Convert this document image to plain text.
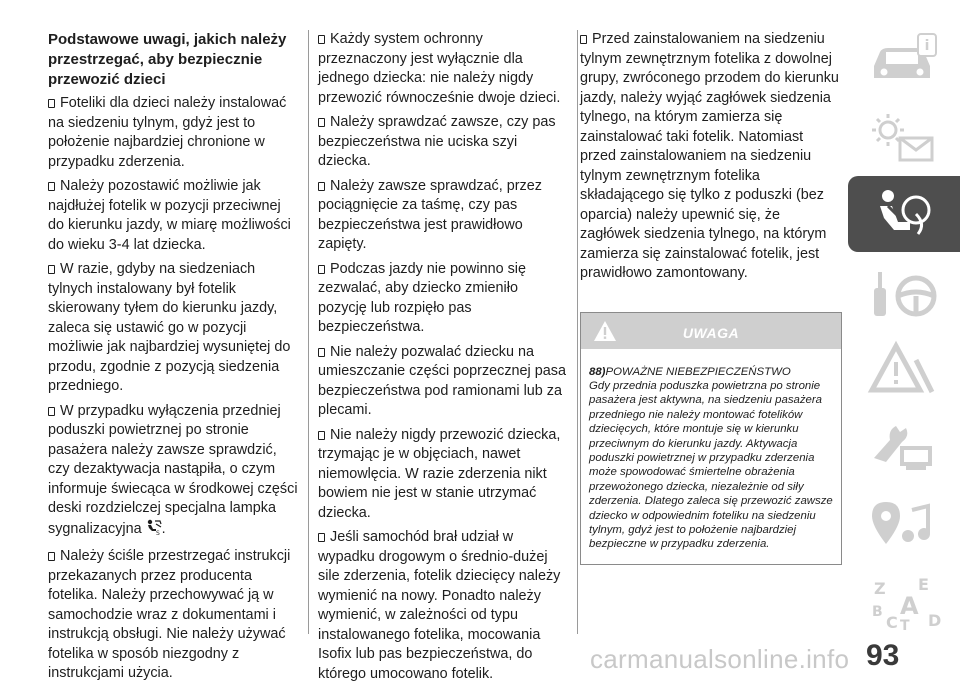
Podstawowe uwagi, jakich należy przestrzegać, aby bezpiecznie przewozić dzieci
Foteliki dla dzieci należy instalować na siedzeniu tylnym, gdyż jest to położenie najbardziej chronione w przypadku zderzenia.
Należy pozostawić możliwie jak najdłużej fotelik w pozycji przeciwnej do kierunku jazdy, w miarę możliwości do wieku 3-4 lat dziecka.
W razie, gdyby na siedzeniach tylnych instalowany był fotelik skierowany tyłem do kierunku jazdy, zaleca się ustawić go w pozycji możliwie jak najbardziej wysuniętej do przodu, zgodnie z pozycją siedzenia przedniego.
W przypadku wyłączenia przedniej poduszki powietrznej po stronie pasażera należy zawsze sprawdzić, czy dezaktywacja nastąpiła, o czym informuje świecąca w środkowej części deski rozdzielczej specjalna lampka sygnalizacyjna S .
Należy ściśle przestrzegać instrukcji przekazanych przez producenta fotelika. Należy przechowywać ją w samochodzie wraz z dokumentami i instrukcją obsługi. Nie należy używać fotelika w sposób niezgodny z instrukcjami użycia.
Każdy system ochronny przeznaczony jest wyłącznie dla jednego dziecka: nie należy nigdy przewozić równocześnie dwoje dzieci.
Należy sprawdzać zawsze, czy pas bezpieczeństwa nie uciska szyi dziecka.
Należy zawsze sprawdzać, przez pociągnięcie za taśmę, czy pas bezpieczeństwa jest prawidłowo zapięty.
Podczas jazdy nie powinno się zezwalać, aby dziecko zmieniło pozycję lub rozpięło pas bezpieczeństwa.
Nie należy pozwalać dziecku na umieszczanie części poprzecznej pasa bezpieczeństwa pod ramionami lub za plecami.
Nie należy nigdy przewozić dziecka, trzymając je w objęciach, nawet niemowlęcia. W razie zderzenia nikt bowiem nie jest w stanie utrzymać dziecka.
Jeśli samochód brał udział w wypadku drogowym o średnio-dużej sile zderzenia, fotelik dziecięcy należy wymienić na nowy. Ponadto należy wymienić, w zależności od typu instalowanego fotelika, mocowania Isofix lub pas bezpieczeństwa, do którego umocowano fotelik.
Przed zainstalowaniem na siedzeniu tylnym zewnętrznym fotelika z dowolnej grupy, zwróconego przodem do kierunku jazdy, należy wyjąć zagłówek siedzenia tylnego, na którym zamierza się zainstalować taki fotelik. Natomiast przed zainstalowaniem na siedzeniu tylnym zewnętrznym fotelika składającego się tylko z poduszki (bez oparcia) należy upewnić się, że zagłówek siedzenia tylnego, na którym zamierza się zainstalować fotelik, jest prawidłowo zamontowany.
UWAGA
88)POWAŻNE NIEBEZPIECZEŃSTWO
Gdy przednia poduszka powietrzna po stronie pasażera jest aktywna, na siedzeniu pasażera przedniego nie należy montować fotelików dziecięcych, które montuje się w kierunku przeciwnym do kierunku jazdy. Aktywacja poduszki powietrznej w przypadku zderzenia może spowodować śmiertelne obrażenia przewożonego dziecka, niezależnie od siły zderzenia. Dlatego zaleca się przewozić zawsze dziecko w odpowiednim foteliku na siedzeniu tylnym, gdyż jest to położenie najbardziej bezpieczne w przypadku zderzenia.
i
Z E
B A
C T D
carmanualsonline.info 93
